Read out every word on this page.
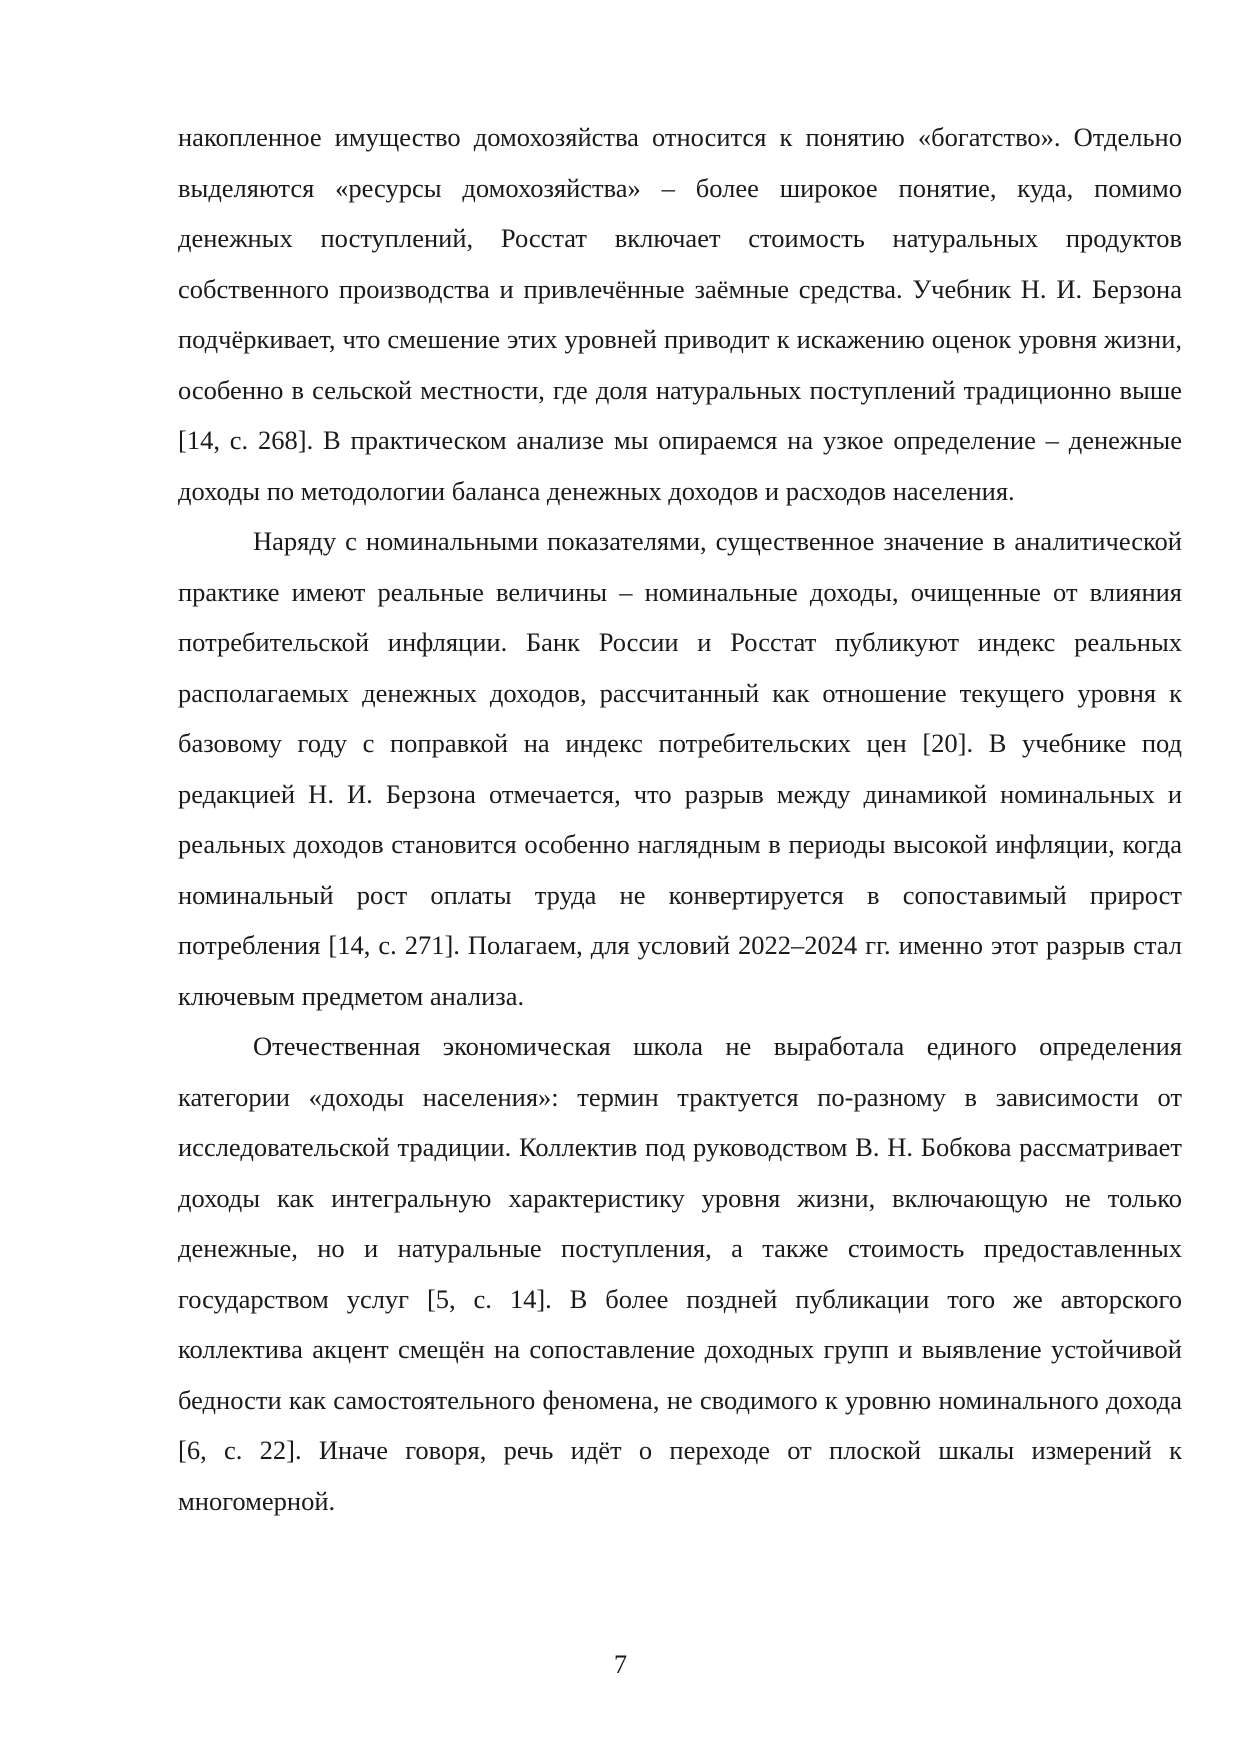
накопленное имущество домохозяйства относится к понятию «богатство». Отдельно выделяются «ресурсы домохозяйства» – более широкое понятие, куда, помимо денежных поступлений, Росстат включает стоимость натуральных продуктов собственного производства и привлечённые заёмные средства. Учебник Н. И. Берзона подчёркивает, что смешение этих уровней приводит к искажению оценок уровня жизни, особенно в сельской местности, где доля натуральных поступлений традиционно выше [14, с. 268]. В практическом анализе мы опираемся на узкое определение – денежные доходы по методологии баланса денежных доходов и расходов населения.

Наряду с номинальными показателями, существенное значение в аналитической практике имеют реальные величины – номинальные доходы, очищенные от влияния потребительской инфляции. Банк России и Росстат публикуют индекс реальных располагаемых денежных доходов, рассчитанный как отношение текущего уровня к базовому году с поправкой на индекс потребительских цен [20]. В учебнике под редакцией Н. И. Берзона отмечается, что разрыв между динамикой номинальных и реальных доходов становится особенно наглядным в периоды высокой инфляции, когда номинальный рост оплаты труда не конвертируется в сопоставимый прирост потребления [14, с. 271]. Полагаем, для условий 2022–2024 гг. именно этот разрыв стал ключевым предметом анализа.

Отечественная экономическая школа не выработала единого определения категории «доходы населения»: термин трактуется по-разному в зависимости от исследовательской традиции. Коллектив под руководством В. Н. Бобкова рассматривает доходы как интегральную характеристику уровня жизни, включающую не только денежные, но и натуральные поступления, а также стоимость предоставленных государством услуг [5, с. 14]. В более поздней публикации того же авторского коллектива акцент смещён на сопоставление доходных групп и выявление устойчивой бедности как самостоятельного феномена, не сводимого к уровню номинального дохода [6, с. 22]. Иначе говоря, речь идёт о переходе от плоской шкалы измерений к многомерной.

7
